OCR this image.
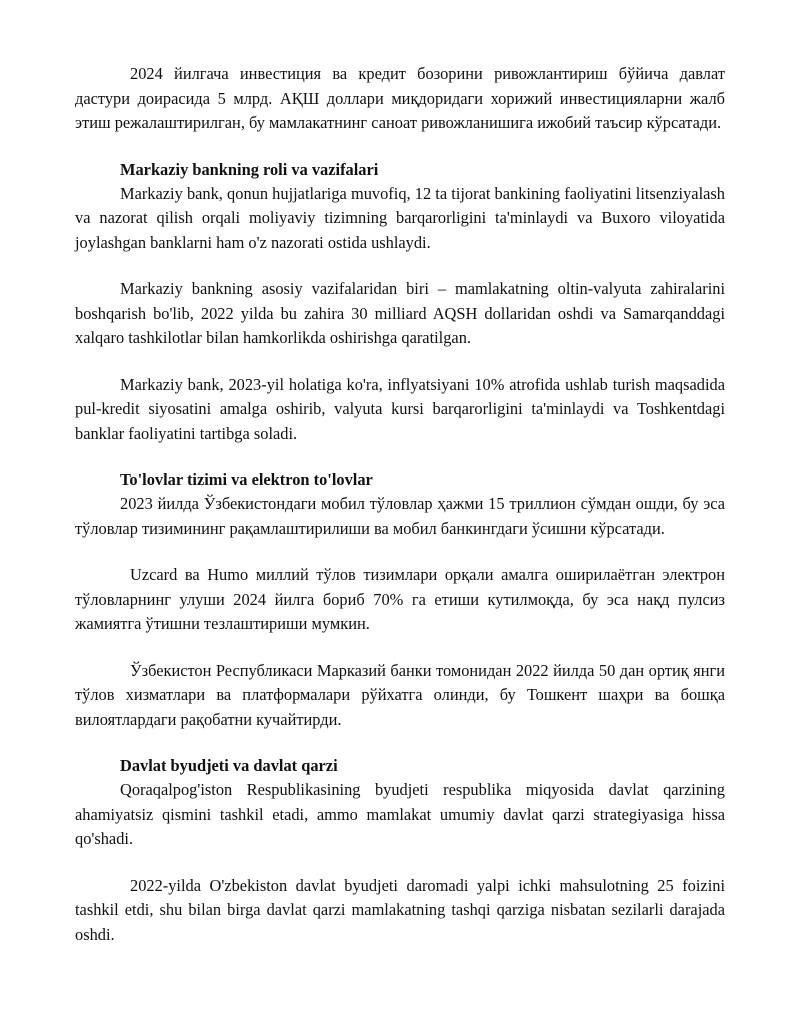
2024 йилгача инвестиция ва кредит бозорини ривожлантириш бўйича давлат дастури доирасида 5 млрд. АҚШ доллари миқдоридаги хорижий инвестицияларни жалб этиш режалаштирилган, бу мамлакатнинг саноат ривожланишига ижобий таъсир кўрсатади.

Markaziy bankning roli va vazifalari

Markaziy bank, qonun hujjatlariga muvofiq, 12 ta tijorat bankining faoliyatini litsenziyalash va nazorat qilish orqali moliyaviy tizimning barqarorligini ta'minlaydi va Buxoro viloyatida joylashgan banklarni ham o'z nazorati ostida ushlaydi.

Markaziy bankning asosiy vazifalaridan biri – mamlakatning oltin-valyuta zahiralarini boshqarish bo'lib, 2022 yilda bu zahira 30 milliard AQSH dollaridan oshdi va Samarqanddagi xalqaro tashkilotlar bilan hamkorlikda oshirishga qaratilgan.

Markaziy bank, 2023-yil holatiga ko'ra, inflyatsiyani 10% atrofida ushlab turish maqsadida pul-kredit siyosatini amalga oshirib, valyuta kursi barqarorligini ta'minlaydi va Toshkentdagi banklar faoliyatini tartibga soladi.

To'lovlar tizimi va elektron to'lovlar

2023 йилда Ўзбекистондаги мобил тўловлар ҳажми 15 триллион сўмдан ошди, бу эса тўловлар тизимининг рақамлаштирилиши ва мобил банкингдаги ўсишни кўрсатади.

Uzcard ва Humo миллий тўлов тизимлари орқали амалга оширилаётган электрон тўловларнинг улуши 2024 йилга бориб 70% га етиши кутилмоқда, бу эса нақд пулсиз жамиятга ўтишни тезлаштириши мумкин.

Ўзбекистон Республикаси Марказий банки томонидан 2022 йилда 50 дан ортиқ янги тўлов хизматлари ва платформалари рўйхатга олинди, бу Тошкент шаҳри ва бошқа вилоятлардаги рақобатни кучайтирди.

Davlat byudjeti va davlat qarzi

Qoraqalpog'iston Respublikasining byudjeti respublika miqyosida davlat qarzining ahamiyatsiz qismini tashkil etadi, ammo mamlakat umumiy davlat qarzi strategiyasiga hissa qo'shadi.

2022-yilda O'zbekiston davlat byudjeti daromadi yalpi ichki mahsulotning 25 foizini tashkil etdi, shu bilan birga davlat qarzi mamlakatning tashqi qarziga nisbatan sezilarli darajada oshdi.
